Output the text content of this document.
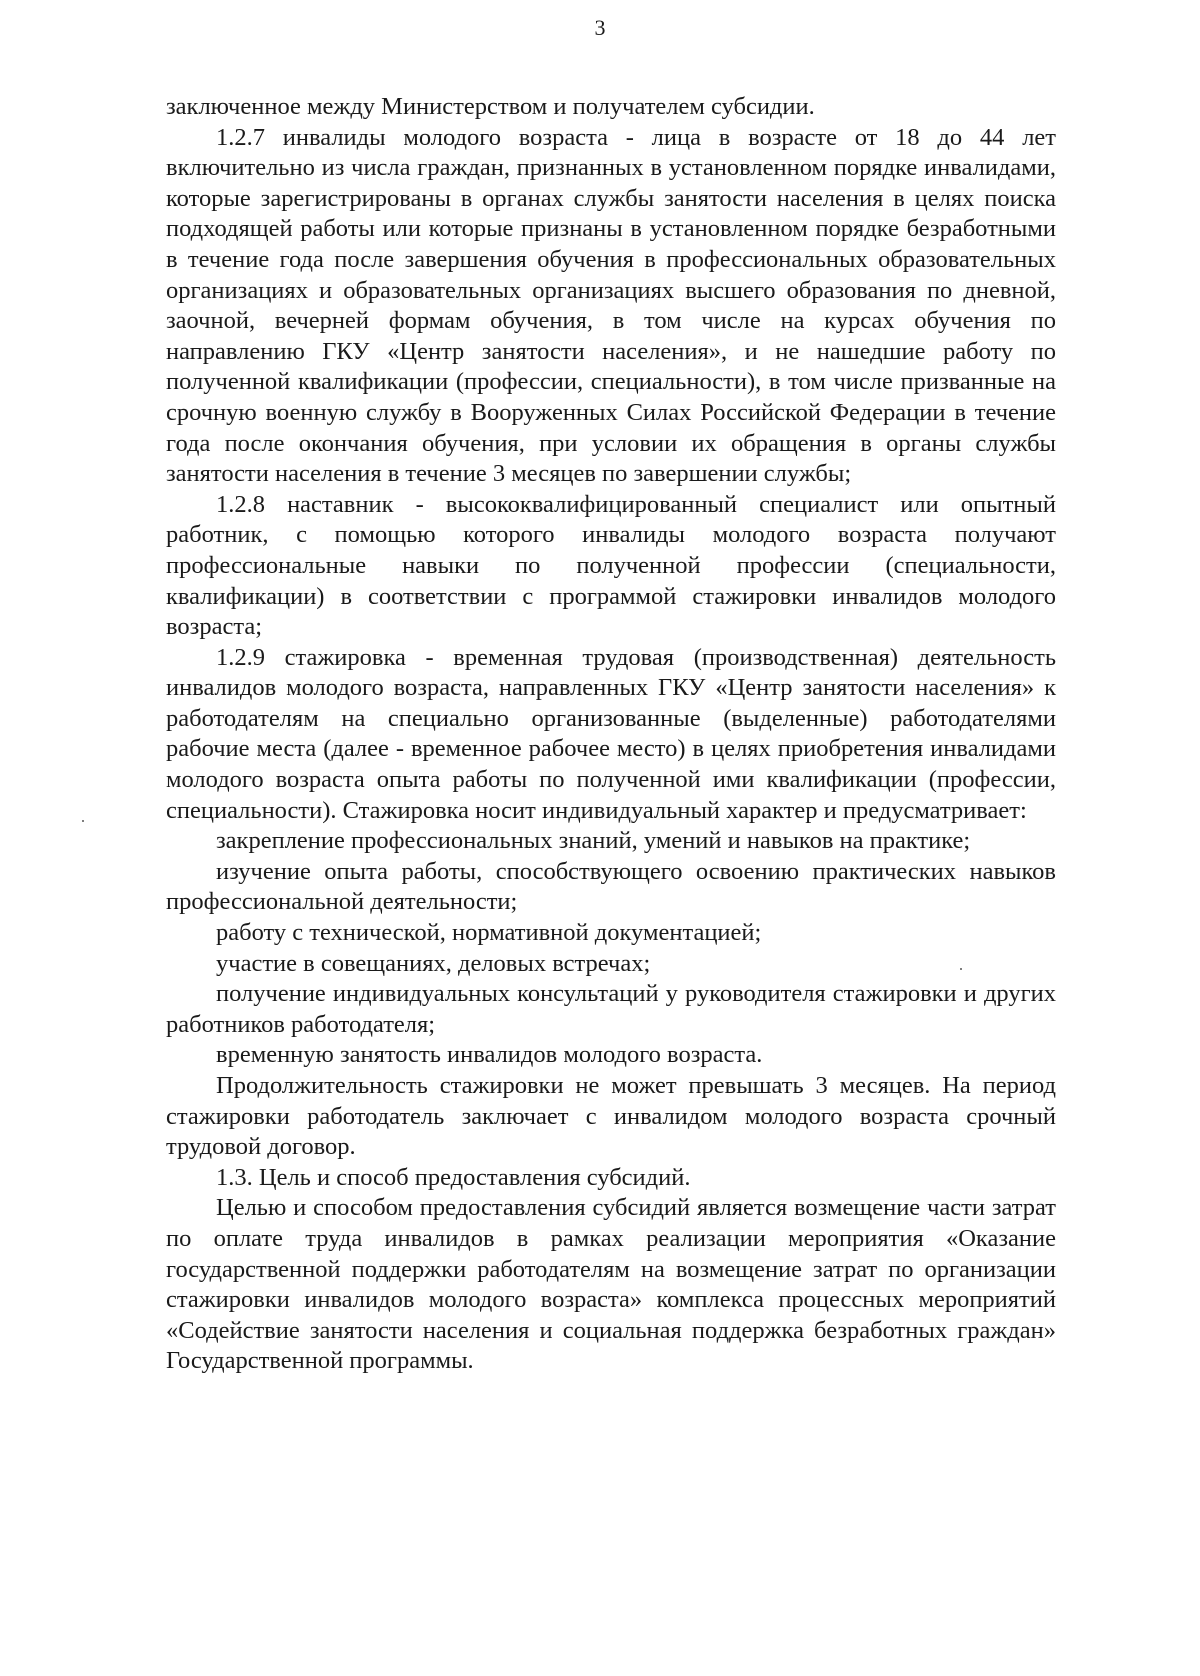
3

заключенное между Министерством и получателем субсидии.

1.2.7 инвалиды молодого возраста - лица в возрасте от 18 до 44 лет включительно из числа граждан, признанных в установленном порядке инвалидами, которые зарегистрированы в органах службы занятости населения в целях поиска подходящей работы или которые признаны в установленном порядке безработными в течение года после завершения обучения в профессиональных образовательных организациях и образовательных организациях высшего образования по дневной, заочной, вечерней формам обучения, в том числе на курсах обучения по направлению ГКУ «Центр занятости населения», и не нашедшие работу по полученной квалификации (профессии, специальности), в том числе призванные на срочную военную службу в Вооруженных Силах Российской Федерации в течение года после окончания обучения, при условии их обращения в органы службы занятости населения в течение 3 месяцев по завершении службы;

1.2.8 наставник - высококвалифицированный специалист или опытный работник, с помощью которого инвалиды молодого возраста получают профессиональные навыки по полученной профессии (специальности, квалификации) в соответствии с программой стажировки инвалидов молодого возраста;

1.2.9 стажировка - временная трудовая (производственная) деятельность инвалидов молодого возраста, направленных ГКУ «Центр занятости населения» к работодателям на специально организованные (выделенные) работодателями рабочие места (далее - временное рабочее место) в целях приобретения инвалидами молодого возраста опыта работы по полученной ими квалификации (профессии, специальности). Стажировка носит индивидуальный характер и предусматривает:

закрепление профессиональных знаний, умений и навыков на практике;

изучение опыта работы, способствующего освоению практических навыков профессиональной деятельности;

работу с технической, нормативной документацией;

участие в совещаниях, деловых встречах;

получение индивидуальных консультаций у руководителя стажировки и других работников работодателя;

временную занятость инвалидов молодого возраста.

Продолжительность стажировки не может превышать 3 месяцев. На период стажировки работодатель заключает с инвалидом молодого возраста срочный трудовой договор.

1.3. Цель и способ предоставления субсидий.

Целью и способом предоставления субсидий является возмещение части затрат по оплате труда инвалидов в рамках реализации мероприятия «Оказание государственной поддержки работодателям на возмещение затрат по организации стажировки инвалидов молодого возраста» комплекса процессных мероприятий «Содействие занятости населения и социальная поддержка безработных граждан» Государственной программы.
